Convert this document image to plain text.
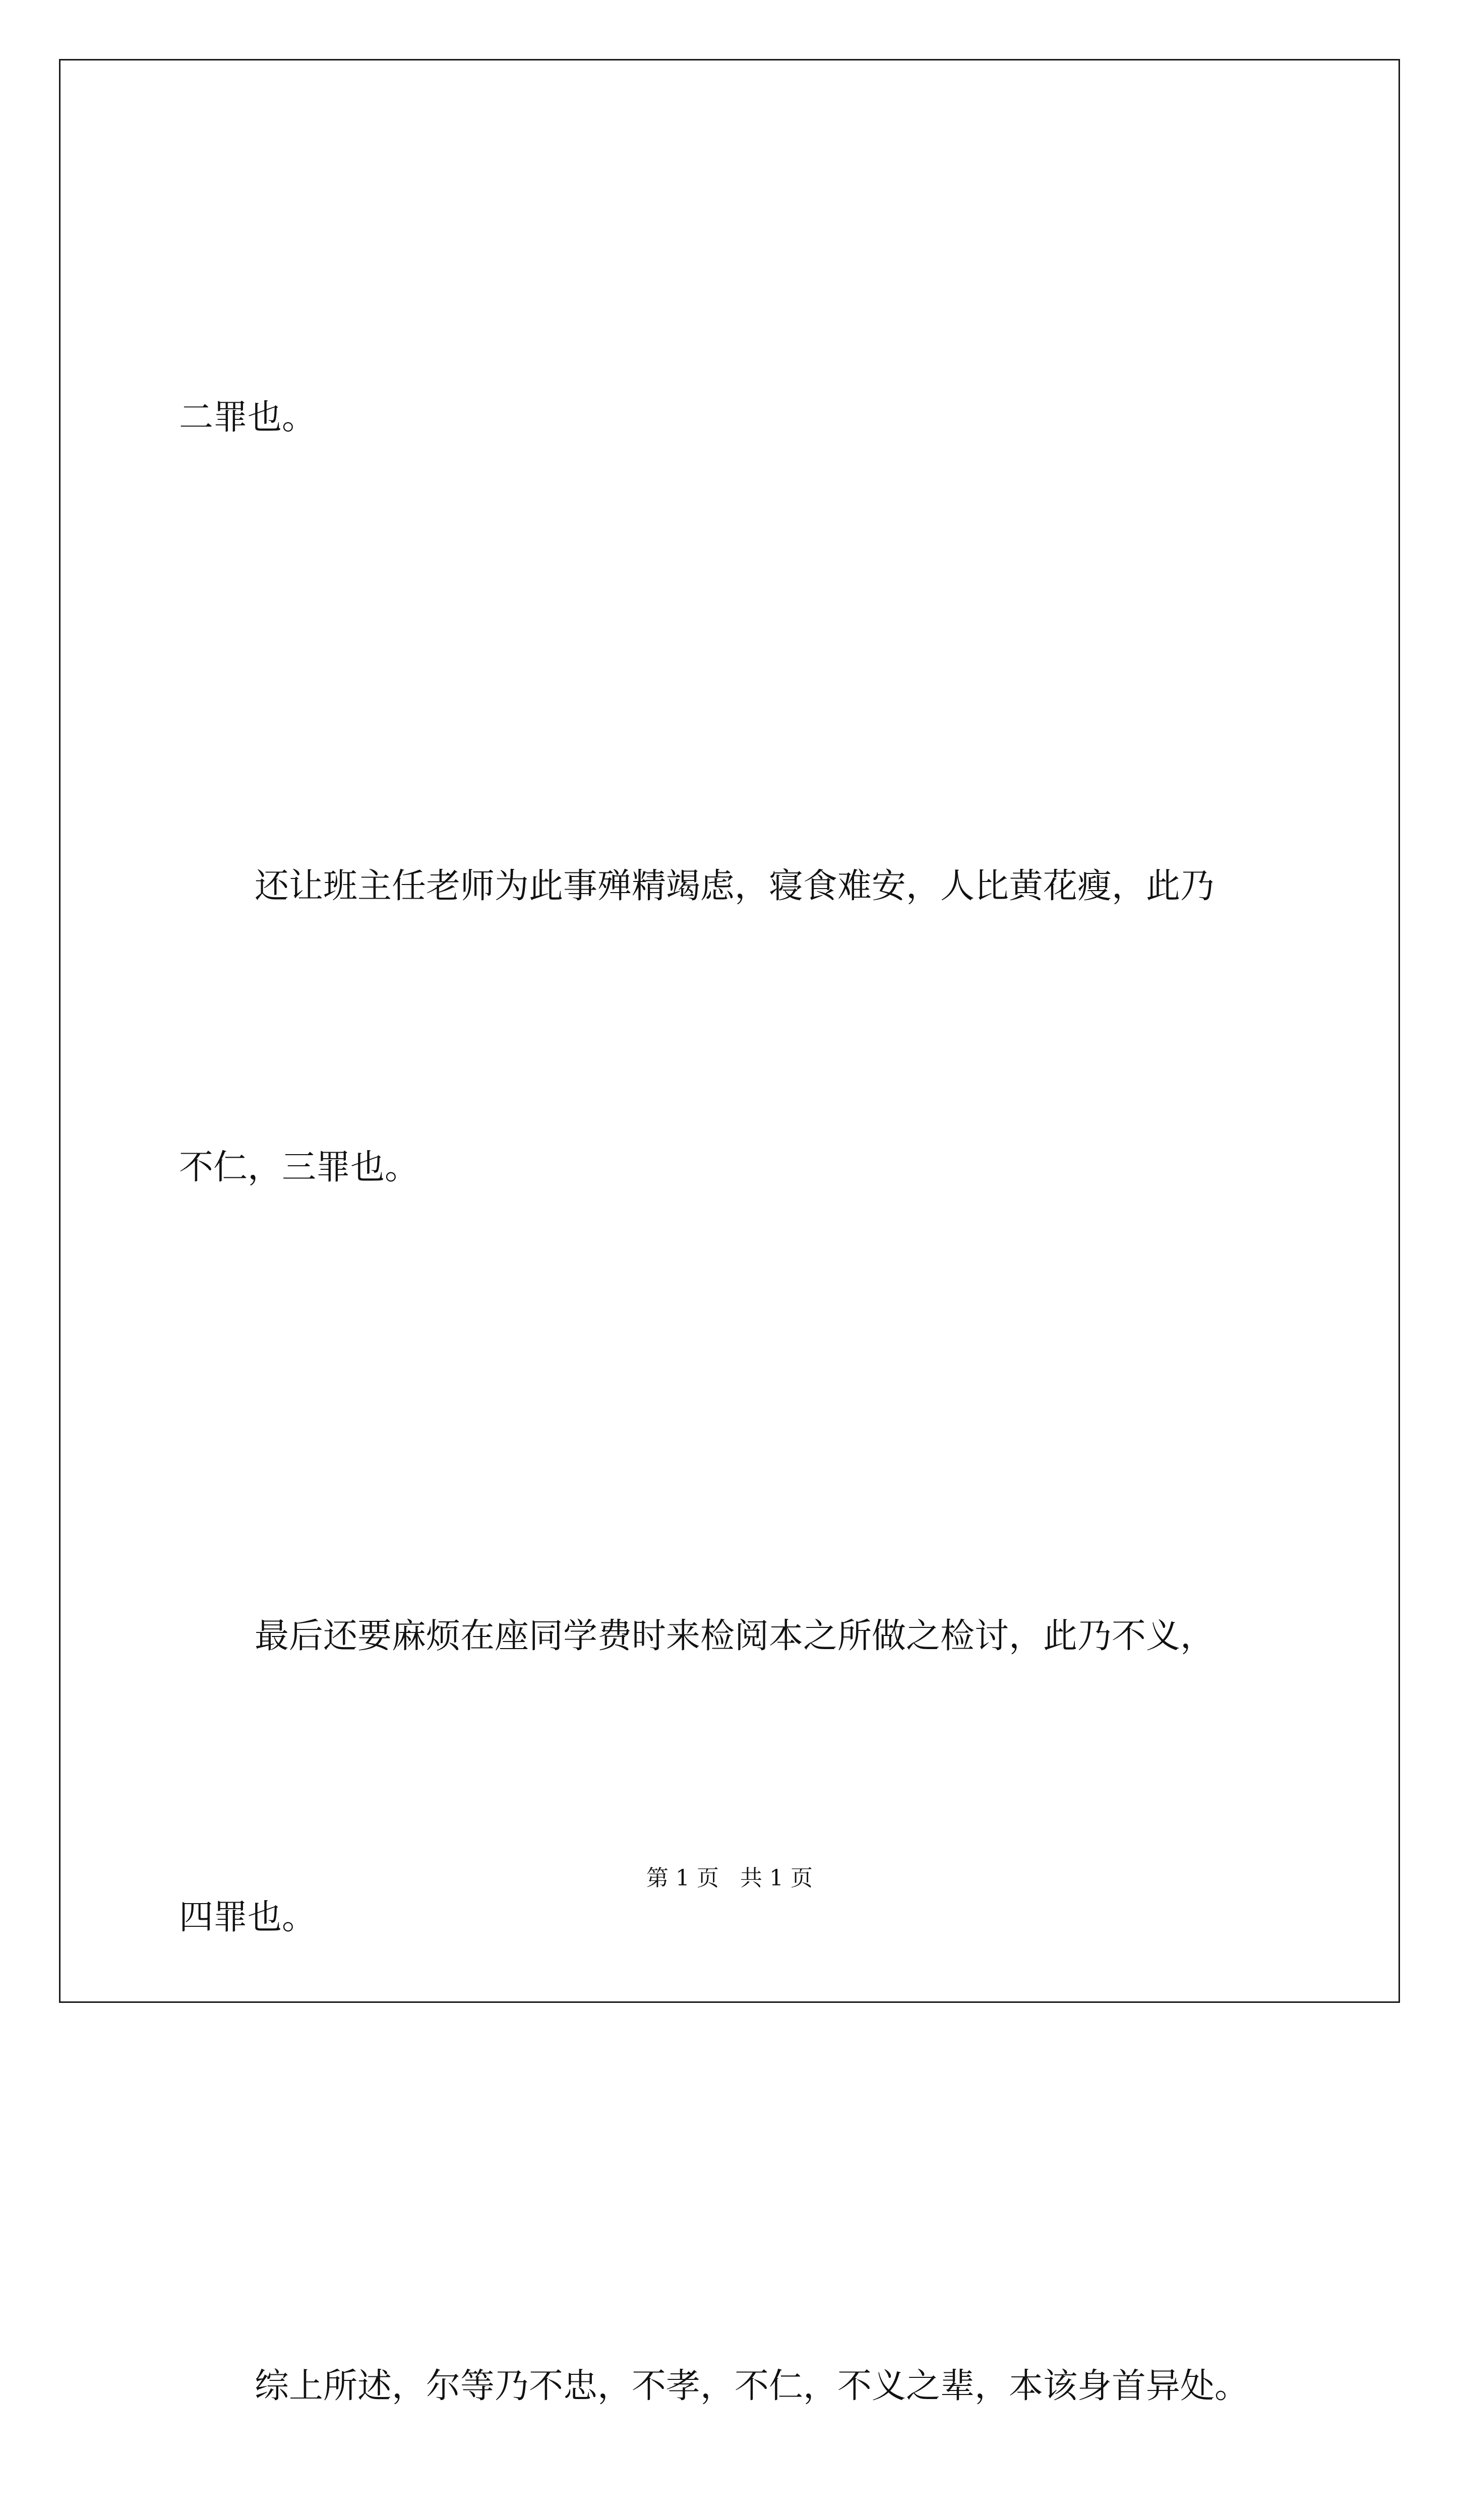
二罪也。

还让班主任老师为此事殚精竭虑，寝食难安，人比黄花瘦，此乃

不仁，三罪也。

最后还要麻烦在座同学费时来检阅本之所做之检讨，此乃不义，

四罪也。

综上所述，尔等乃不忠，不孝，不仁，不义之辈，本该身首异处。

第 1 页 共 1 页
